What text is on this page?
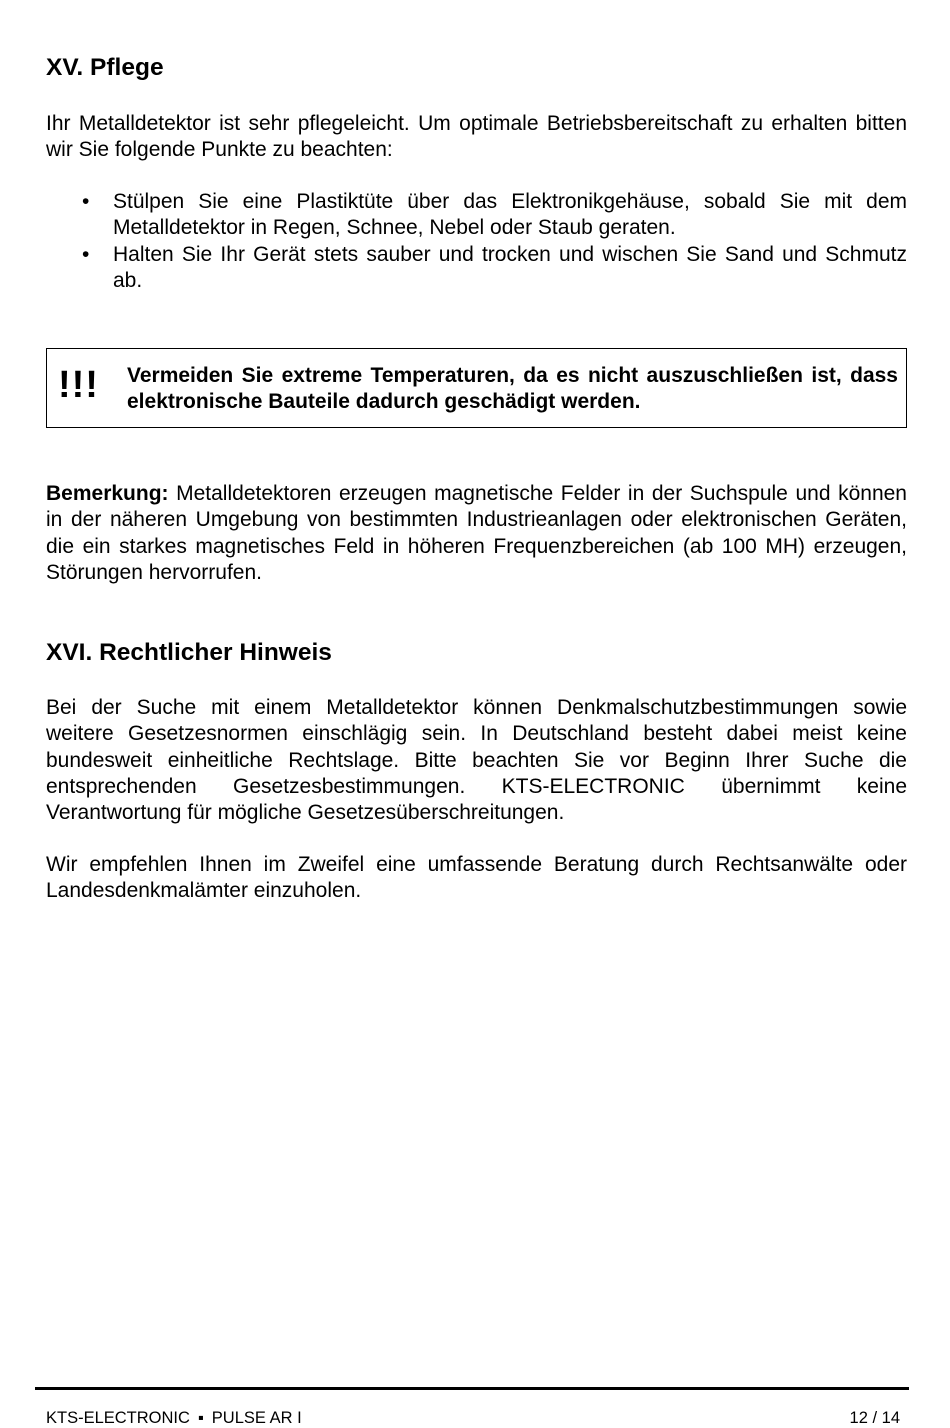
XV. Pflege

Ihr Metalldetektor ist sehr pflegeleicht. Um optimale Betriebsbereitschaft zu erhalten bitten wir Sie folgende Punkte zu beachten:

• Stülpen Sie eine Plastiktüte über das Elektronikgehäuse, sobald Sie mit dem Metalldetektor in Regen, Schnee, Nebel oder Staub geraten.
• Halten Sie Ihr Gerät stets sauber und trocken und wischen Sie Sand und Schmutz ab.
!!! Vermeiden Sie extreme Temperaturen, da es nicht auszuschließen ist, dass elektronische Bauteile dadurch geschädigt werden.

Bemerkung: Metalldetektoren erzeugen magnetische Felder in der Suchspule und können in der näheren Umgebung von bestimmten Industrieanlagen oder elektronischen Geräten, die ein starkes magnetisches Feld in höheren Frequenzbereichen (ab 100 MH) erzeugen, Störungen hervorrufen.

XVI. Rechtlicher Hinweis

Bei der Suche mit einem Metalldetektor können Denkmalschutzbestimmungen sowie weitere Gesetzesnormen einschlägig sein. In Deutschland besteht dabei meist keine bundesweit einheitliche Rechtslage. Bitte beachten Sie vor Beginn Ihrer Suche die entsprechenden Gesetzesbestimmungen. KTS-ELECTRONIC übernimmt keine Verantwortung für mögliche Gesetzesüberschreitungen.

Wir empfehlen Ihnen im Zweifel eine umfassende Beratung durch Rechtsanwälte oder Landesdenkmalämter einzuholen.

KTS-ELECTRONIC ▪ PULSE AR I	12 / 14
